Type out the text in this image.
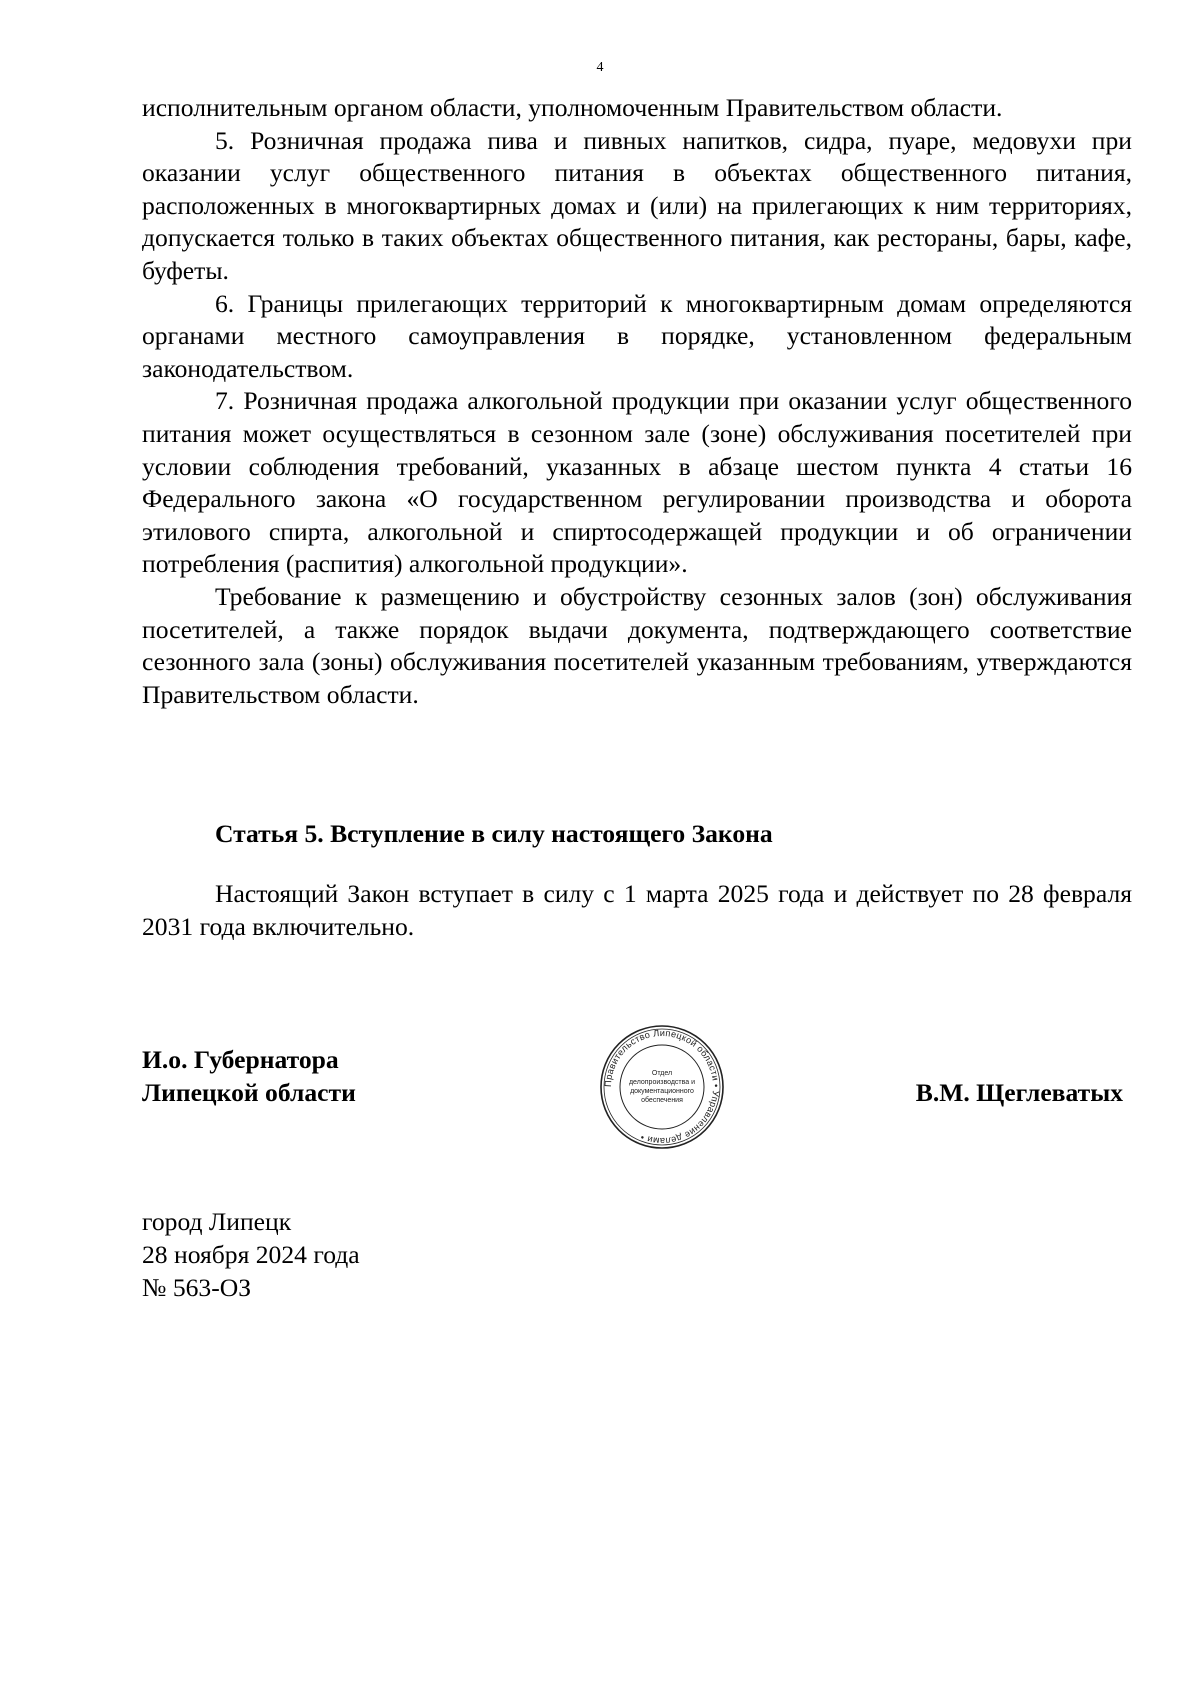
4

исполнительным органом области, уполномоченным Правительством области.

5. Розничная продажа пива и пивных напитков, сидра, пуаре, медовухи при оказании услуг общественного питания в объектах общественного питания, расположенных в многоквартирных домах и (или) на прилегающих к ним территориях, допускается только в таких объектах общественного питания, как рестораны, бары, кафе, буфеты.

6. Границы прилегающих территорий к многоквартирным домам определяются органами местного самоуправления в порядке, установленном федеральным законодательством.

7. Розничная продажа алкогольной продукции при оказании услуг общественного питания может осуществляться в сезонном зале (зоне) обслуживания посетителей при условии соблюдения требований, указанных в абзаце шестом пункта 4 статьи 16 Федерального закона «О государственном регулировании производства и оборота этилового спирта, алкогольной и спиртосодержащей продукции и об ограничении потребления (распития) алкогольной продукции».

Требование к размещению и обустройству сезонных залов (зон) обслуживания посетителей, а также порядок выдачи документа, подтверждающего соответствие сезонного зала (зоны) обслуживания посетителей указанным требованиям, утверждаются Правительством области.

Статья 5. Вступление в силу настоящего Закона

Настоящий Закон вступает в силу с 1 марта 2025 года и действует по 28 февраля 2031 года включительно.

И.о. Губернатора
Липецкой области	Правительство Липецкой области • Управление делами •
Отдел
делопроизводства и
документационного
обеспечения	В.М. Щеглеватых
город Липецк
28 ноября 2024 года
№ 563-ОЗ
